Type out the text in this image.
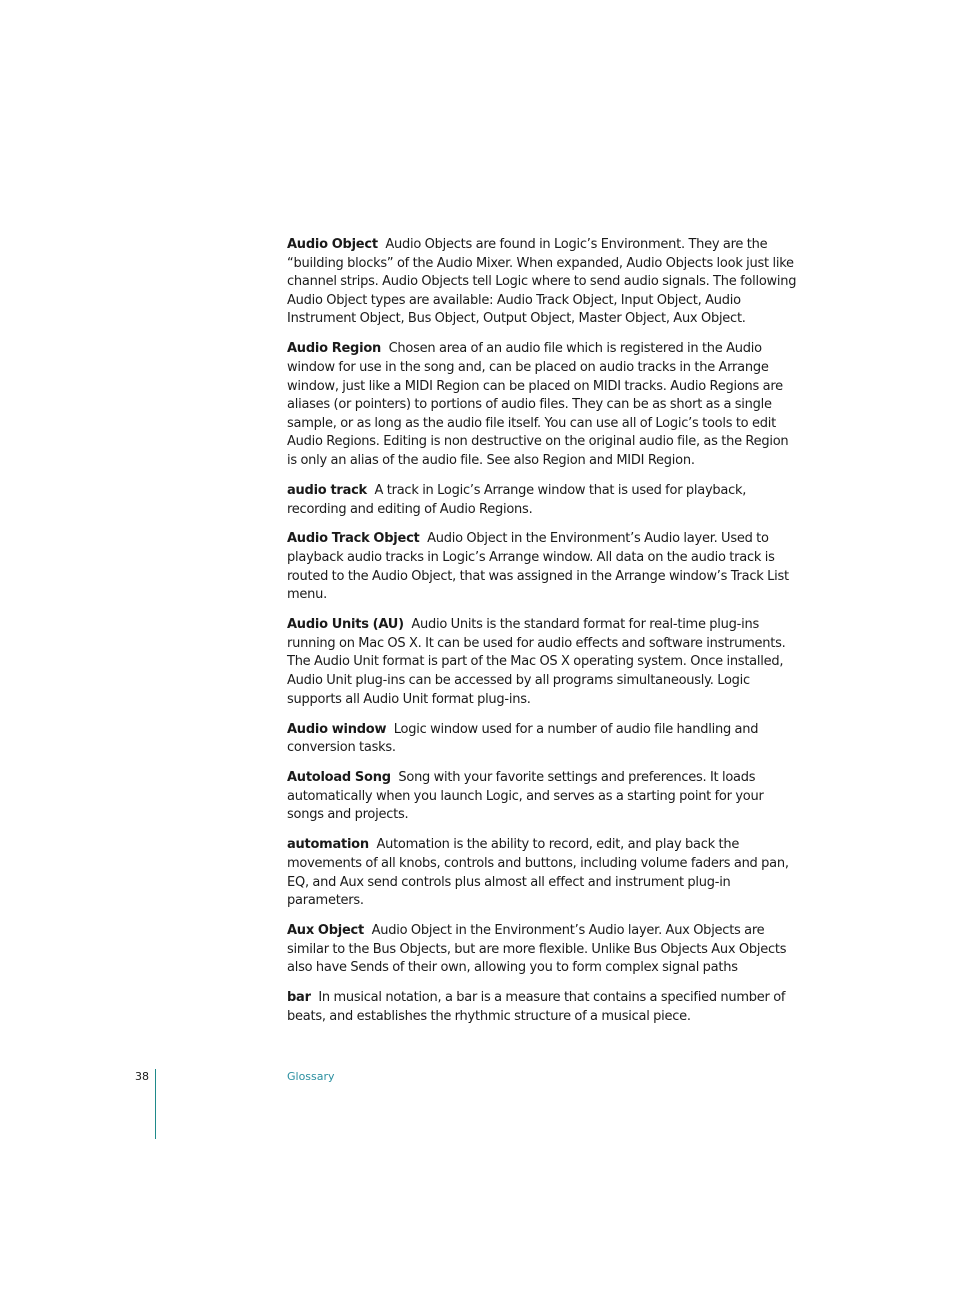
Audio Object Audio Objects are found in Logic’s Environment. They are the “building blocks” of the Audio Mixer. When expanded, Audio Objects look just like channel strips. Audio Objects tell Logic where to send audio signals. The following Audio Object types are available: Audio Track Object, Input Object, Audio Instrument Object, Bus Object, Output Object, Master Object, Aux Object.

Audio Region Chosen area of an audio file which is registered in the Audio window for use in the song and, can be placed on audio tracks in the Arrange window, just like a MIDI Region can be placed on MIDI tracks. Audio Regions are aliases (or pointers) to portions of audio files. They can be as short as a single sample, or as long as the audio file itself. You can use all of Logic’s tools to edit Audio Regions. Editing is non destructive on the original audio file, as the Region is only an alias of the audio file. See also Region and MIDI Region.

audio track A track in Logic’s Arrange window that is used for playback, recording and editing of Audio Regions.

Audio Track Object Audio Object in the Environment’s Audio layer. Used to playback audio tracks in Logic’s Arrange window. All data on the audio track is routed to the Audio Object, that was assigned in the Arrange window’s Track List menu.

Audio Units (AU) Audio Units is the standard format for real-time plug-ins running on Mac OS X. It can be used for audio effects and software instruments. The Audio Unit format is part of the Mac OS X operating system. Once installed, Audio Unit plug-ins can be accessed by all programs simultaneously. Logic supports all Audio Unit format plug-ins.

Audio window Logic window used for a number of audio file handling and conversion tasks.

Autoload Song Song with your favorite settings and preferences. It loads automatically when you launch Logic, and serves as a starting point for your songs and projects.

automation Automation is the ability to record, edit, and play back the movements of all knobs, controls and buttons, including volume faders and pan, EQ, and Aux send controls plus almost all effect and instrument plug-in parameters.

Aux Object Audio Object in the Environment’s Audio layer. Aux Objects are similar to the Bus Objects, but are more flexible. Unlike Bus Objects Aux Objects also have Sends of their own, allowing you to form complex signal paths

bar In musical notation, a bar is a measure that contains a specified number of beats, and establishes the rhythmic structure of a musical piece.

38	Glossary
